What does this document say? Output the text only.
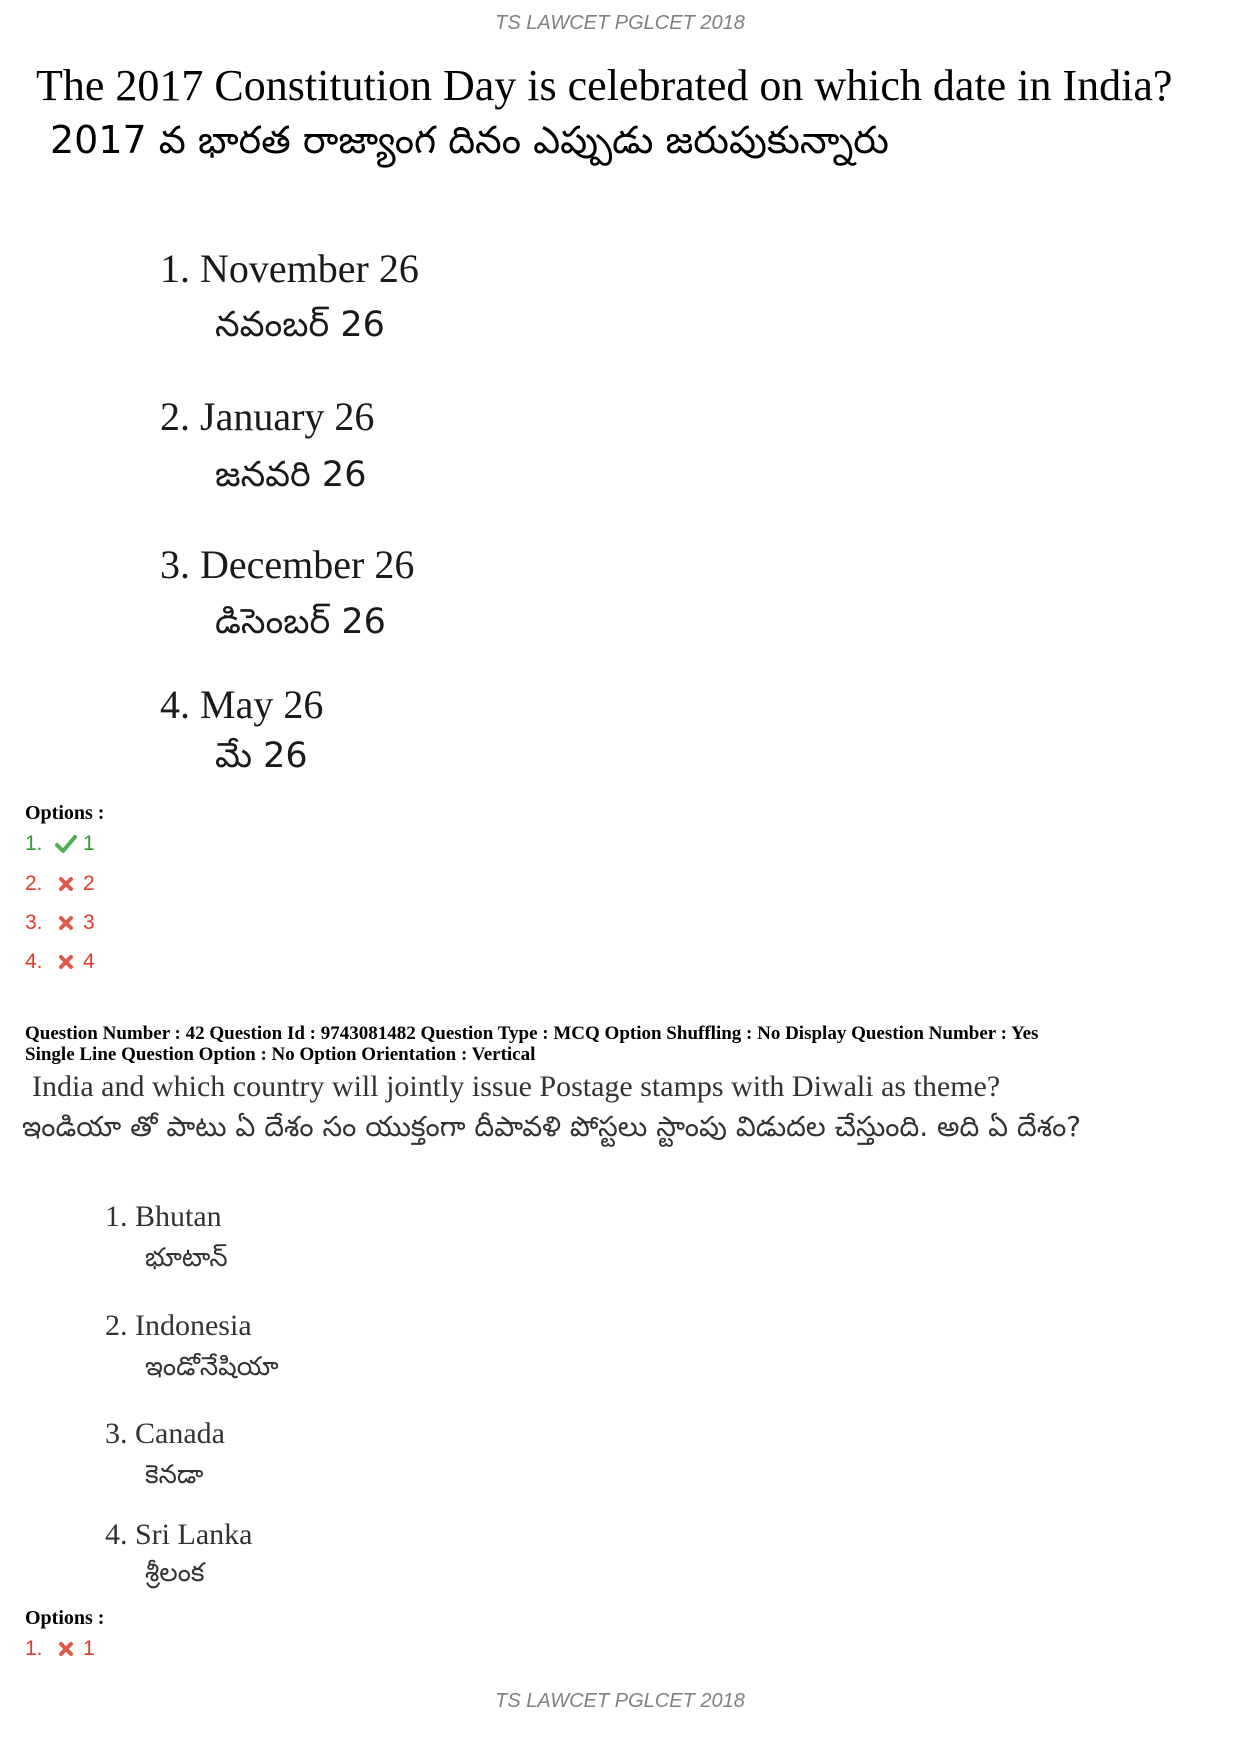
TS LAWCET PGLCET 2018
The 2017 Constitution Day is celebrated on which date in India?
2017 వ భారత రాజ్యాంగ దినం ఎప్పుడు జరుపుకున్నారు
1. November 26
నవంబర్ 26
2. January 26
జనవరి 26
3. December 26
డిసెంబర్ 26
4. May 26
మే 26
Options :
1.	1
2.	2
3.	3
4.	4
Question Number : 42 Question Id : 9743081482 Question Type : MCQ Option Shuffling : No Display Question Number : Yes
Single Line Question Option : No Option Orientation : Vertical
India and which country will jointly issue Postage stamps with Diwali as theme?
ఇండియా తో పాటు ఏ దేశం సం యుక్తంగా దీపావళి పోస్టలు స్టాంపు విడుదల చేస్తుంది. అది ఏ దేశం?
1. Bhutan
భూటాన్
2. Indonesia
ఇండోనేషియా
3. Canada
కెనడా
4. Sri Lanka
శ్రీలంక
Options :
1.	1
TS LAWCET PGLCET 2018
